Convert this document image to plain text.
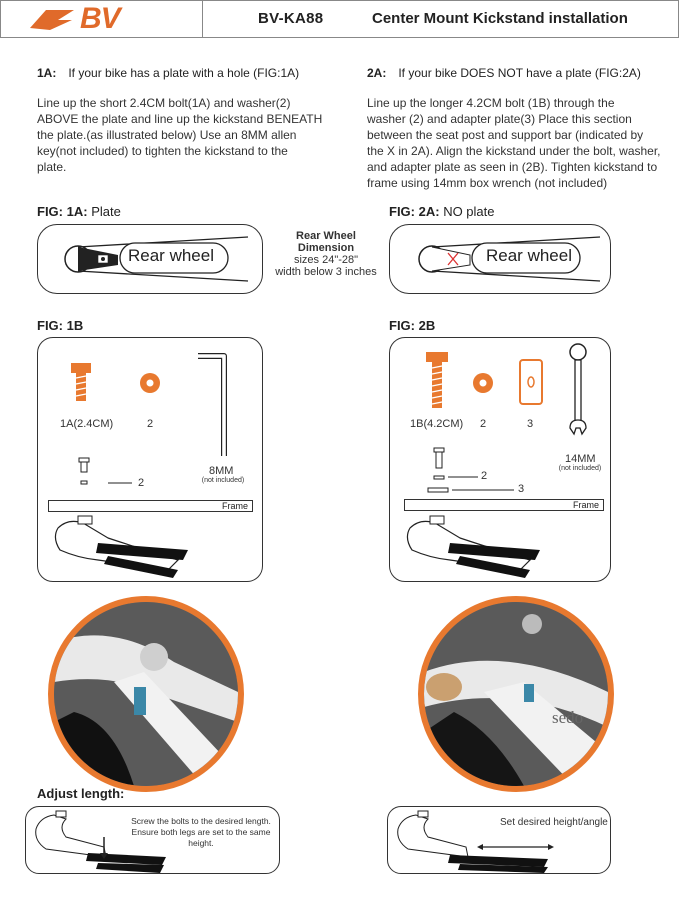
BV	BV-KA88	Center Mount Kickstand installation
1A: If your bike has a plate with a hole (FIG:1A)
Line up the short 2.4CM bolt(1A) and washer(2)
ABOVE the plate and line up the kickstand BENEATH
the plate.(as illustrated below) Use an 8MM allen
key(not included) to tighten the kickstand to the
plate.
2A: If your bike DOES NOT have a plate (FIG:2A)
Line up the longer 4.2CM bolt (1B) through the
washer (2) and adapter plate(3) Place this section
between the seat post and support bar (indicated by
the X in 2A). Align the kickstand under the bolt, washer,
and adapter plate as seen in (2B). Tighten kickstand to
frame using 14mm box wrench (not included)
FIG: 1A: Plate
Rear wheel
Rear Wheel
Dimension
sizes 24"-28"
width below 3 inches
FIG: 2A: NO plate
Rear wheel
FIG: 1B
1A(2.4CM)	2
8MM
(not included)
2
Frame
FIG: 2B
1B(4.2CM) 2	3
14MM
(not included)
2
3
Frame
sedo
Adjust length:
Screw the bolts to the desired length.
Ensure both legs are set to the same height.
Set desired height/angle
